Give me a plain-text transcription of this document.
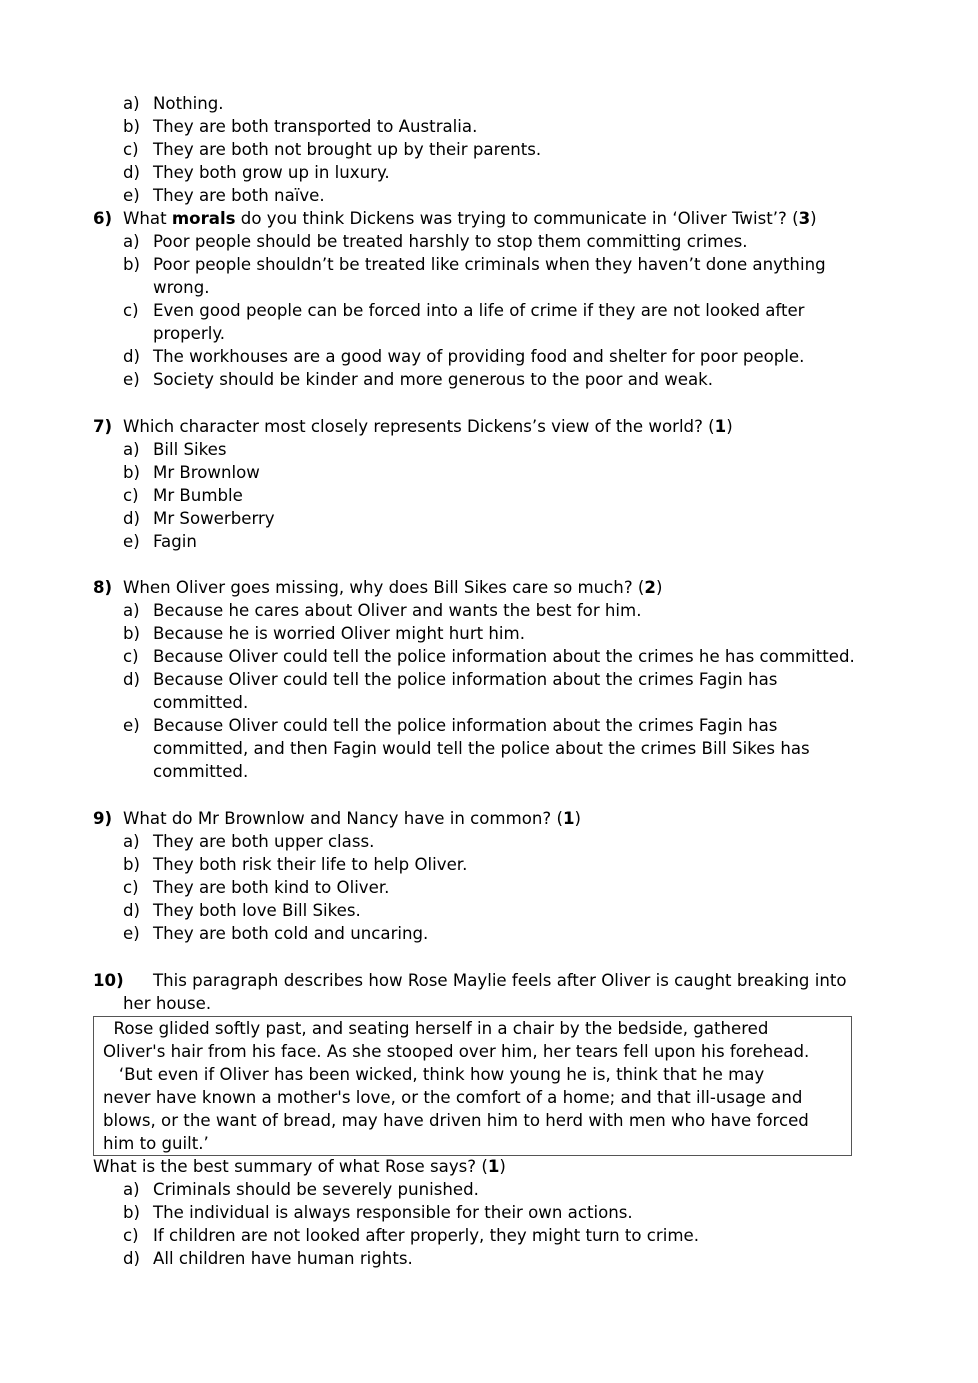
a) Nothing.
b) They are both transported to Australia.
c) They are both not brought up by their parents.
d) They both grow up in luxury.
e) They are both naïve.
6) What morals do you think Dickens was trying to communicate in ‘Oliver Twist’? (3)
a) Poor people should be treated harshly to stop them committing crimes.
b) Poor people shouldn’t be treated like criminals when they haven’t done anything
wrong.
c) Even good people can be forced into a life of crime if they are not looked after
properly.
d) The workhouses are a good way of providing food and shelter for poor people.
e) Society should be kinder and more generous to the poor and weak.
7) Which character most closely represents Dickens’s view of the world? (1)
a) Bill Sikes
b) Mr Brownlow
c) Mr Bumble
d) Mr Sowerberry
e) Fagin
8) When Oliver goes missing, why does Bill Sikes care so much? (2)
a) Because he cares about Oliver and wants the best for him.
b) Because he is worried Oliver might hurt him.
c) Because Oliver could tell the police information about the crimes he has committed.
d) Because Oliver could tell the police information about the crimes Fagin has
committed.
e) Because Oliver could tell the police information about the crimes Fagin has
committed, and then Fagin would tell the police about the crimes Bill Sikes has
committed.
9) What do Mr Brownlow and Nancy have in common? (1)
a) They are both upper class.
b) They both risk their life to help Oliver.
c) They are both kind to Oliver.
d) They both love Bill Sikes.
e) They are both cold and uncaring.
10) This paragraph describes how Rose Maylie feels after Oliver is caught breaking into
her house.
Rose glided softly past, and seating herself in a chair by the bedside, gathered
Oliver's hair from his face. As she stooped over him, her tears fell upon his forehead.
‘But even if Oliver has been wicked, think how young he is, think that he may
never have known a mother's love, or the comfort of a home; and that ill-usage and
blows, or the want of bread, may have driven him to herd with men who have forced
him to guilt.’
What is the best summary of what Rose says? (1)
a) Criminals should be severely punished.
b) The individual is always responsible for their own actions.
c) If children are not looked after properly, they might turn to crime.
d) All children have human rights.
